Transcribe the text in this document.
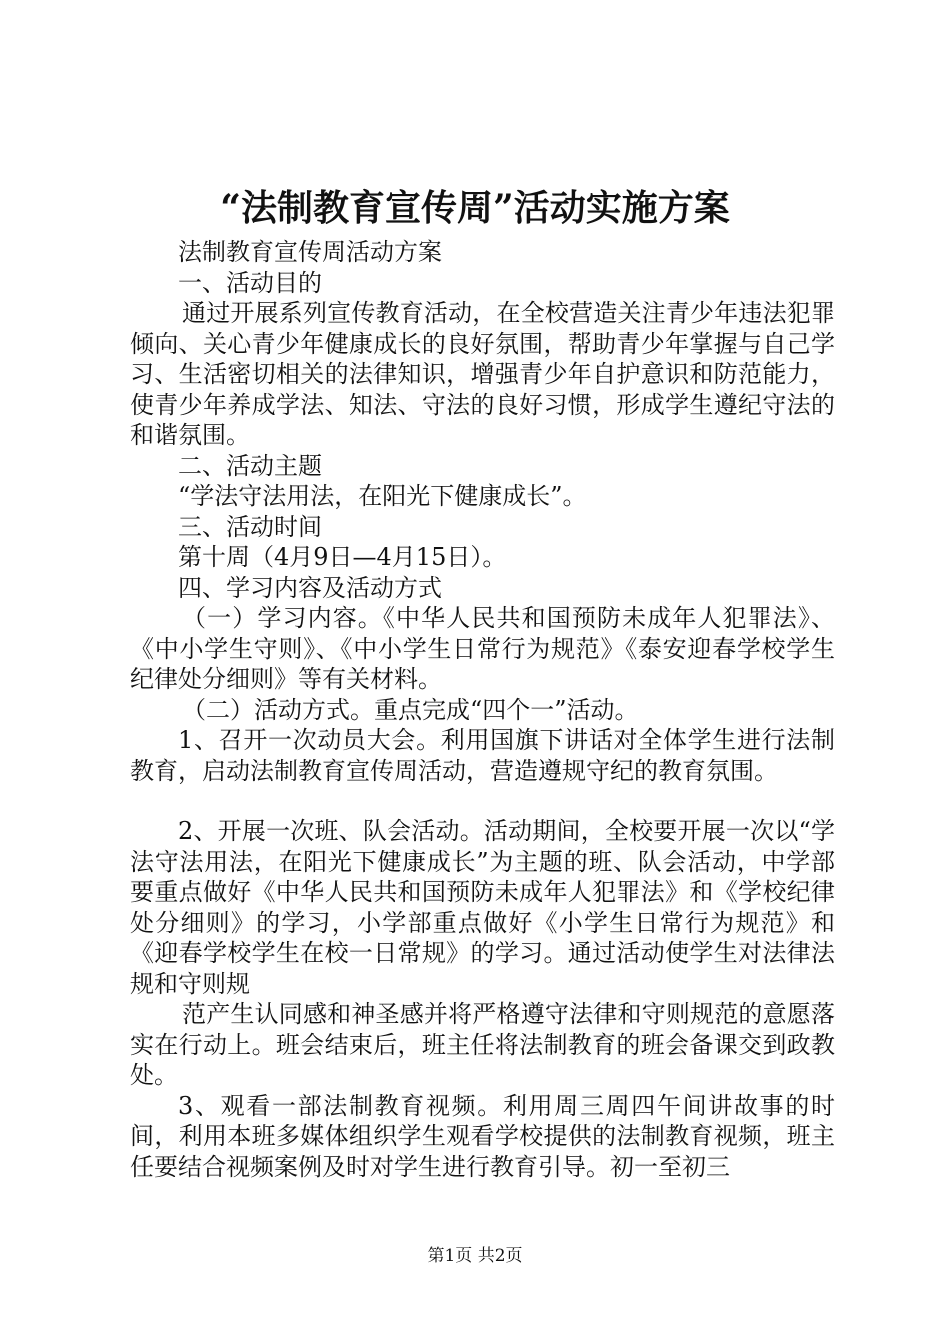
“法制教育宣传周”活动实施方案

法制教育宣传周活动方案

一、活动目的

通过开展系列宣传教育活动，在全校营造关注青少年违法犯罪倾向、关心青少年健康成长的良好氛围，帮助青少年掌握与自己学习、生活密切相关的法律知识，增强青少年自护意识和防范能力，使青少年养成学法、知法、守法的良好习惯，形成学生遵纪守法的和谐氛围。

二、活动主题

“学法守法用法，在阳光下健康成长”。

三、活动时间

第十周（4月9日—4月15日）。

四、学习内容及活动方式

（一）学习内容。《中华人民共和国预防未成年人犯罪法》、《中小学生守则》、《中小学生日常行为规范》《泰安迎春学校学生纪律处分细则》等有关材料。

（二）活动方式。重点完成“四个一”活动。

1、召开一次动员大会。利用国旗下讲话对全体学生进行法制教育，启动法制教育宣传周活动，营造遵规守纪的教育氛围。

2、开展一次班、队会活动。活动期间，全校要开展一次以“学法守法用法，在阳光下健康成长”为主题的班、队会活动，中学部要重点做好《中华人民共和国预防未成年人犯罪法》和《学校纪律处分细则》的学习，小学部重点做好《小学生日常行为规范》和《迎春学校学生在校一日常规》的学习。通过活动使学生对法律法规和守则规

范产生认同感和神圣感并将严格遵守法律和守则规范的意愿落实在行动上。班会结束后，班主任将法制教育的班会备课交到政教处。

3、观看一部法制教育视频。利用周三周四午间讲故事的时间，利用本班多媒体组织学生观看学校提供的法制教育视频，班主任要结合视频案例及时对学生进行教育引导。初一至初三

第1页 共2页
